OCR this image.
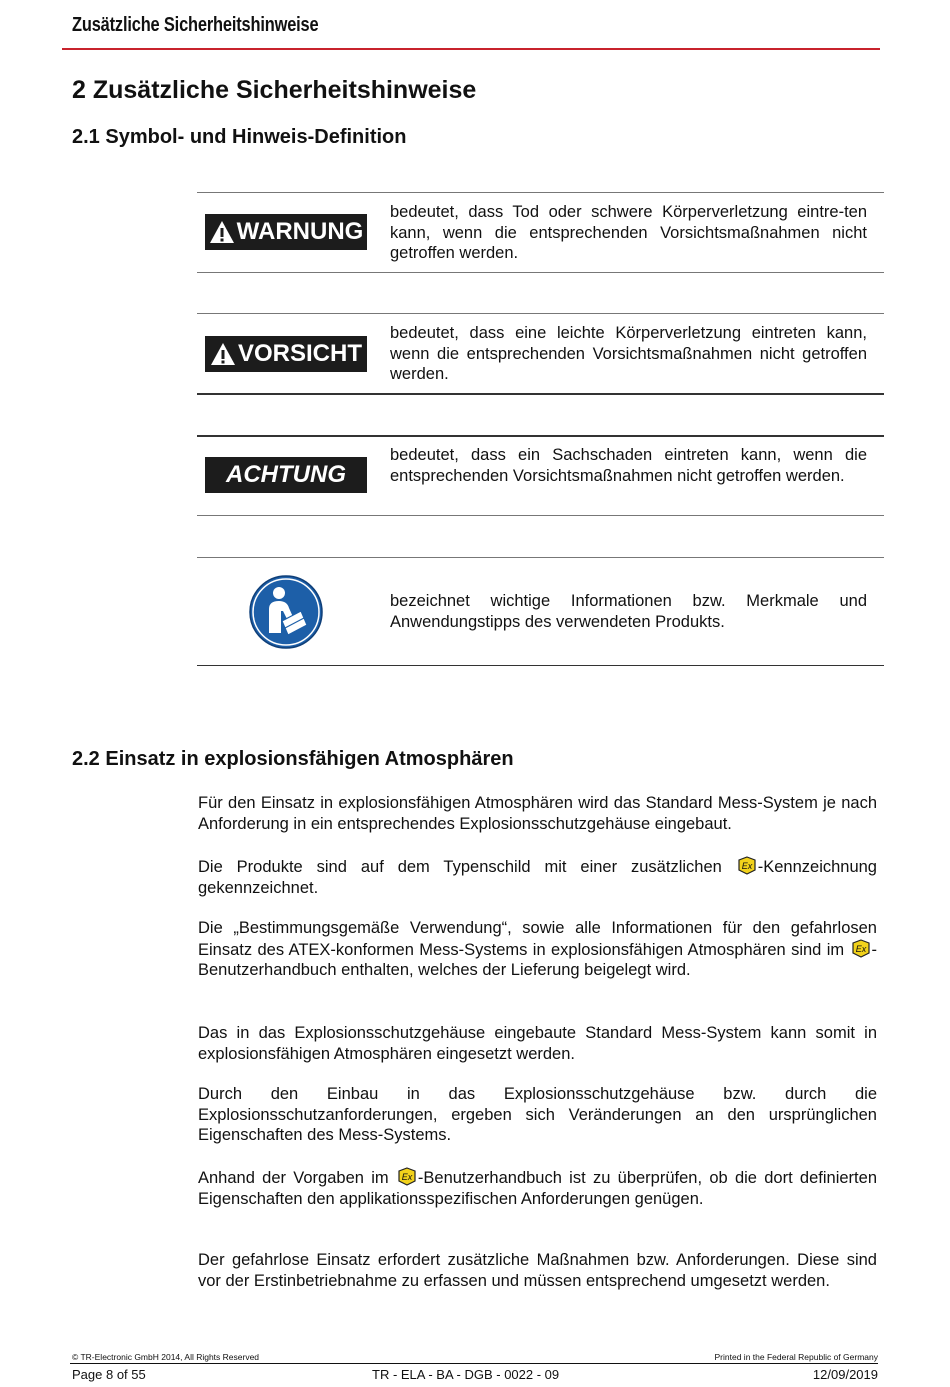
Zusätzliche Sicherheitshinweise
2 Zusätzliche Sicherheitshinweise
2.1 Symbol- und Hinweis-Definition
WARNUNG
bedeutet, dass Tod oder schwere Körperverletzung eintre-ten kann, wenn die entsprechenden Vorsichtsmaßnahmen nicht getroffen werden.
VORSICHT
bedeutet, dass eine leichte Körperverletzung eintreten kann, wenn die entsprechenden Vorsichtsmaßnahmen nicht getroffen werden.
ACHTUNG
bedeutet, dass ein Sachschaden eintreten kann, wenn die entsprechenden Vorsichtsmaßnahmen nicht getroffen werden.
bezeichnet wichtige Informationen bzw. Merkmale und Anwendungstipps des verwendeten Produkts.
2.2 Einsatz in explosionsfähigen Atmosphären
Für den Einsatz in explosionsfähigen Atmosphären wird das Standard Mess-System je nach Anforderung in ein entsprechendes Explosionsschutzgehäuse eingebaut.
Die Produkte sind auf dem Typenschild mit einer zusätzlichen Ex -Kennzeichnung gekennzeichnet.
Die „Bestimmungsgemäße Verwendung“, sowie alle Informationen für den gefahrlosen Einsatz des ATEX-konformen Mess-Systems in explosionsfähigen Atmosphären sind im Ex -Benutzerhandbuch enthalten, welches der Lieferung beigelegt wird.
Das in das Explosionsschutzgehäuse eingebaute Standard Mess-System kann somit in explosionsfähigen Atmosphären eingesetzt werden.
Durch den Einbau in das Explosionsschutzgehäuse bzw. durch die Explosionsschutzanforderungen, ergeben sich Veränderungen an den ursprünglichen Eigenschaften des Mess-Systems.
Anhand der Vorgaben im Ex -Benutzerhandbuch ist zu überprüfen, ob die dort definierten Eigenschaften den applikationsspezifischen Anforderungen genügen.
Der gefahrlose Einsatz erfordert zusätzliche Maßnahmen bzw. Anforderungen. Diese sind vor der Erstinbetriebnahme zu erfassen und müssen entsprechend umgesetzt werden.
© TR-Electronic GmbH 2014, All Rights Reserved	Printed in the Federal Republic of Germany
Page 8 of 55	TR - ELA - BA - DGB - 0022 - 09	12/09/2019
